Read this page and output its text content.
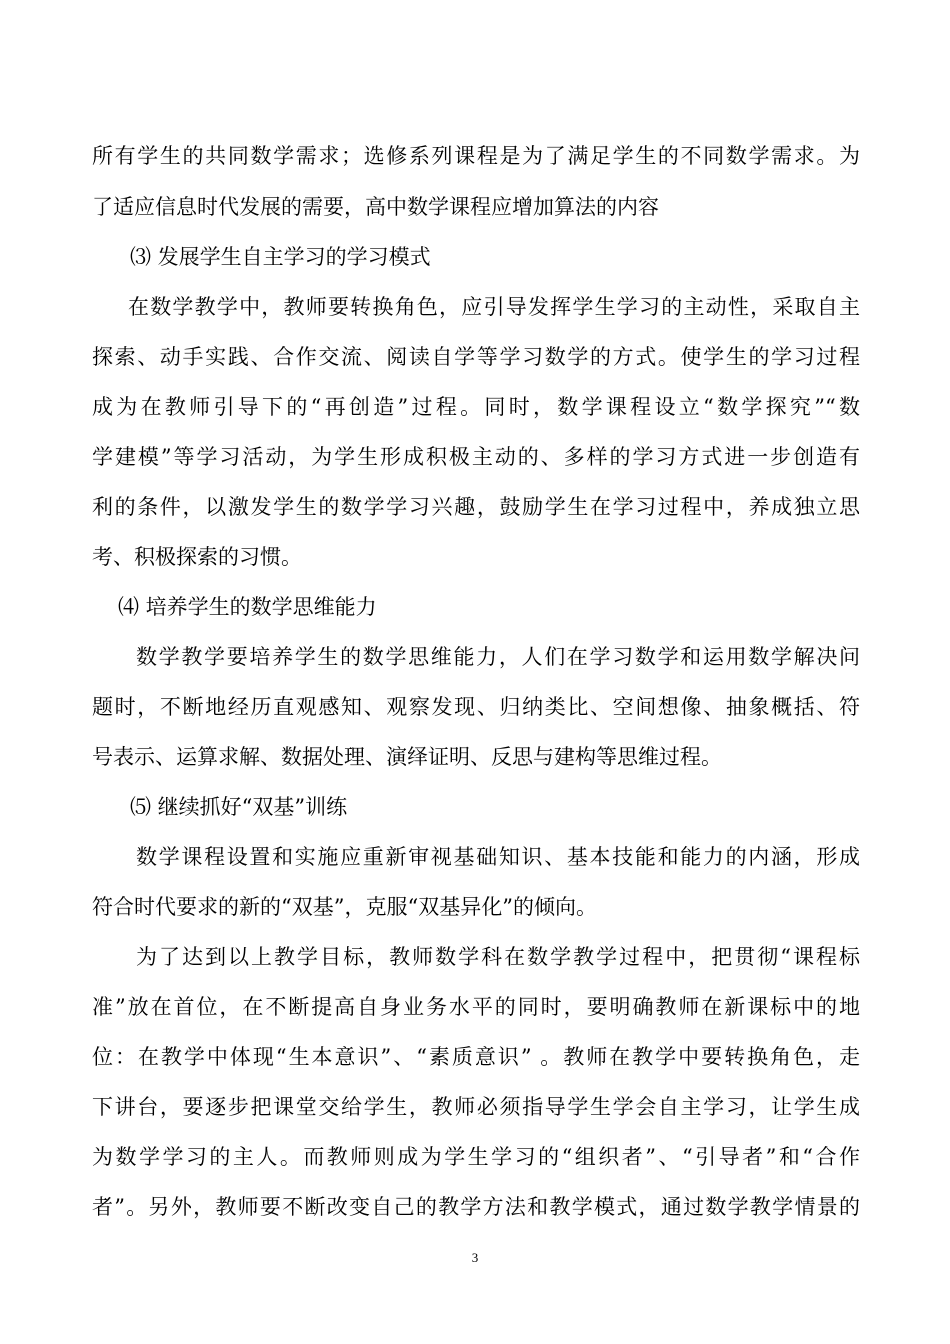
所有学生的共同数学需求；选修系列课程是为了满足学生的不同数学需求。为
了适应信息时代发展的需要，高中数学课程应增加算法的内容
⑶ 发展学生自主学习的学习模式
在数学教学中，教师要转换角色，应引导发挥学生学习的主动性，采取自主
探索、动手实践、合作交流、阅读自学等学习数学的方式。使学生的学习过程
成为在教师引导下的“再创造”过程。同时，数学课程设立“数学探究”“数
学建模”等学习活动，为学生形成积极主动的、多样的学习方式进一步创造有
利的条件，以激发学生的数学学习兴趣，鼓励学生在学习过程中，养成独立思
考、积极探索的习惯。
⑷ 培养学生的数学思维能力
数学教学要培养学生的数学思维能力，人们在学习数学和运用数学解决问
题时，不断地经历直观感知、观察发现、归纳类比、空间想像、抽象概括、符
号表示、运算求解、数据处理、演绎证明、反思与建构等思维过程。
⑸ 继续抓好“双基”训练
数学课程设置和实施应重新审视基础知识、基本技能和能力的内涵，形成
符合时代要求的新的“双基”，克服“双基异化”的倾向。
为了达到以上教学目标，教师数学科在数学教学过程中，把贯彻“课程标
准”放在首位，在不断提高自身业务水平的同时，要明确教师在新课标中的地
位：在教学中体现“生本意识”、“素质意识” 。教师在教学中要转换角色，走
下讲台，要逐步把课堂交给学生，教师必须指导学生学会自主学习，让学生成
为数学学习的主人。而教师则成为学生学习的“组织者”、“引导者”和“合作
者”。另外，教师要不断改变自己的教学方法和教学模式，通过数学教学情景的
3
